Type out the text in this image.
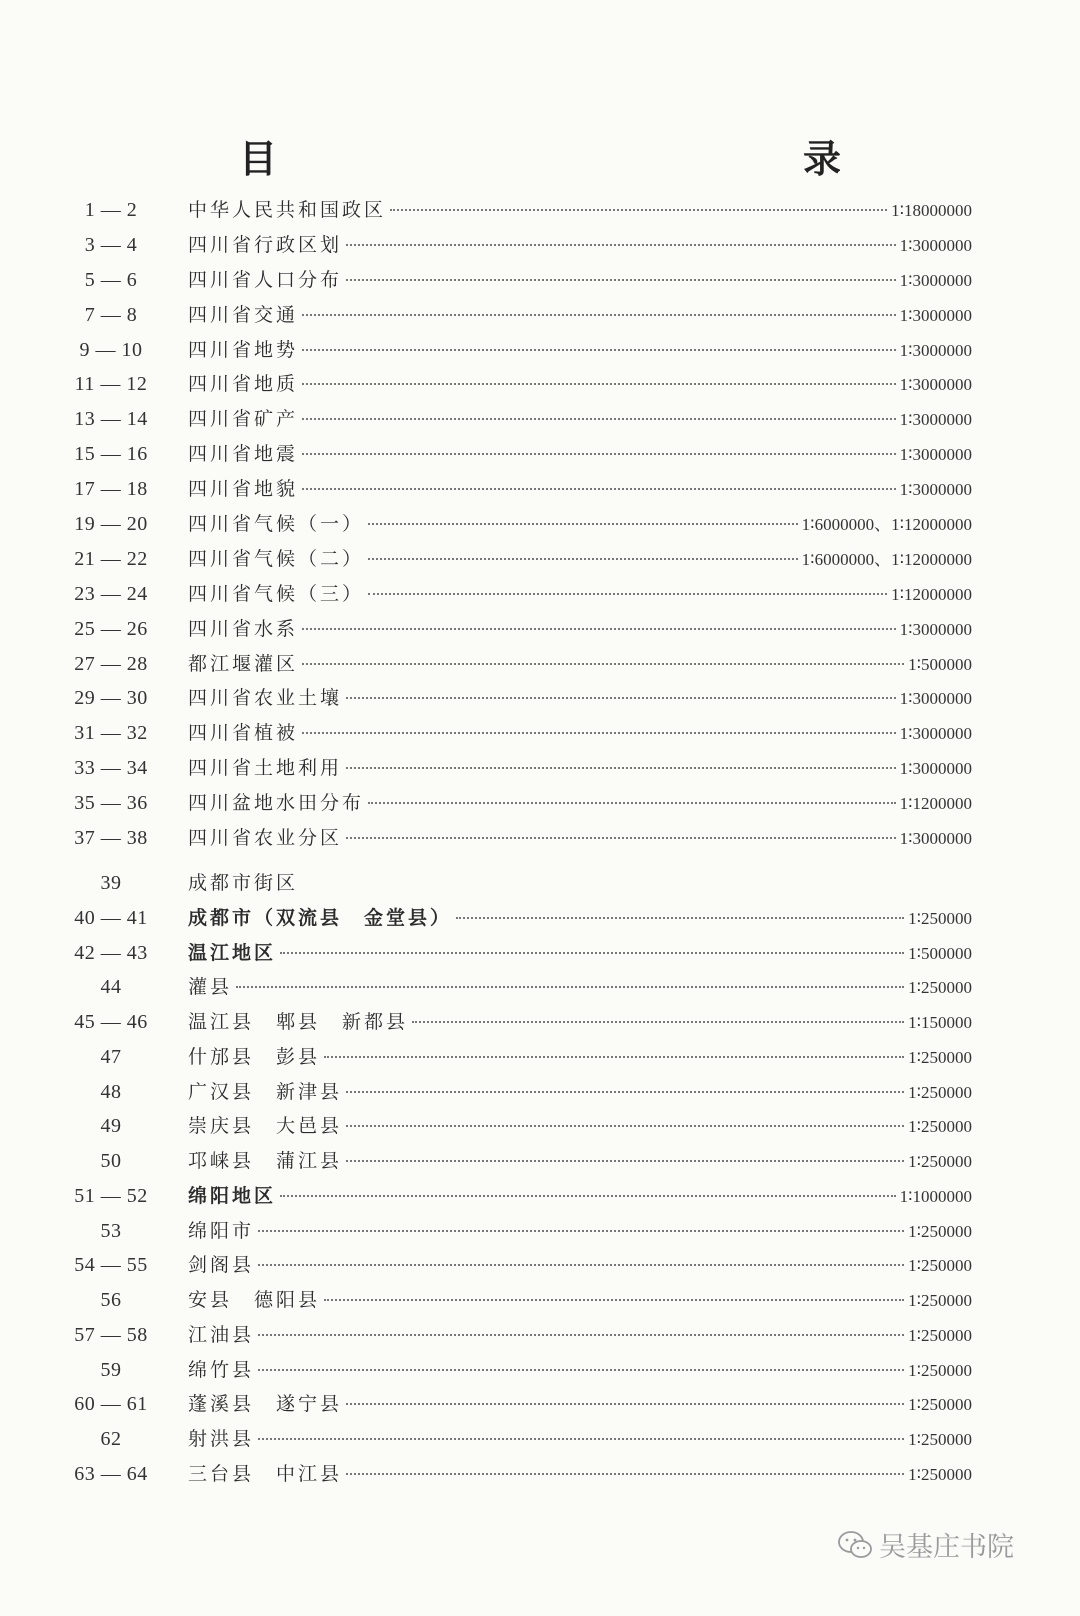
目　　录
1 — 2	中华人民共和国政区	1∶18000000
3 — 4	四川省行政区划	1∶3000000
5 — 6	四川省人口分布	1∶3000000
7 — 8	四川省交通	1∶3000000
9 — 10	四川省地势	1∶3000000
11 — 12	四川省地质	1∶3000000
13 — 14	四川省矿产	1∶3000000
15 — 16	四川省地震	1∶3000000
17 — 18	四川省地貌	1∶3000000
19 — 20	四川省气候（一）	1∶6000000、1∶12000000
21 — 22	四川省气候（二）	1∶6000000、1∶12000000
23 — 24	四川省气候（三）	1∶12000000
25 — 26	四川省水系	1∶3000000
27 — 28	都江堰灌区	1∶500000
29 — 30	四川省农业土壤	1∶3000000
31 — 32	四川省植被	1∶3000000
33 — 34	四川省土地利用	1∶3000000
35 — 36	四川盆地水田分布	1∶1200000
37 — 38	四川省农业分区	1∶3000000
39	成都市街区
40 — 41	成都市（双流县　金堂县）	1∶250000
42 — 43	温江地区	1∶500000
44	灌县	1∶250000
45 — 46	温江县　郫县　新都县	1∶150000
47	什邡县　彭县	1∶250000
48	广汉县　新津县	1∶250000
49	崇庆县　大邑县	1∶250000
50	邛崃县　蒲江县	1∶250000
51 — 52	绵阳地区	1∶1000000
53	绵阳市	1∶250000
54 — 55	剑阁县	1∶250000
56	安县　德阳县	1∶250000
57 — 58	江油县	1∶250000
59	绵竹县	1∶250000
60 — 61	蓬溪县　遂宁县	1∶250000
62	射洪县	1∶250000
63 — 64	三台县　中江县	1∶250000
吴基庄书院
